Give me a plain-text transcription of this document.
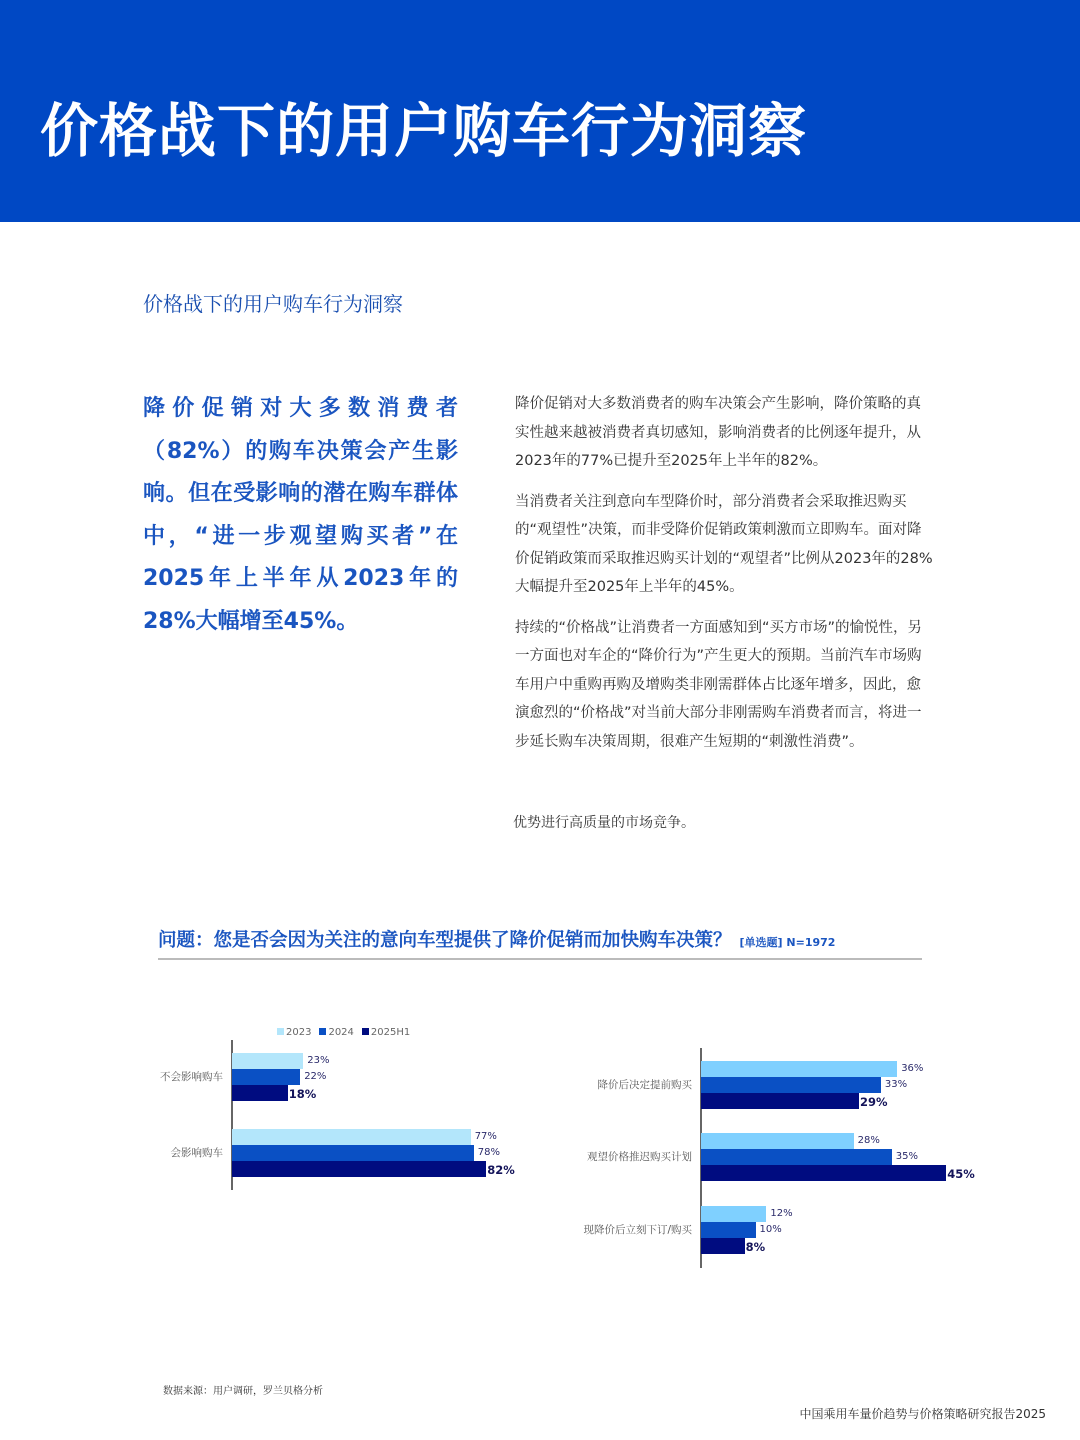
价格战下的用户购车行为洞察
价格战下的用户购车行为洞察
降价促销对大多数消费者（82%）的购车决策会产生影响。但在受影响的潜在购车群体中，“进一步观望购买者”在2025年上半年从2023年的28%大幅增至45%。

降价促销对大多数消费者的购车决策会产生影响，降价策略的真实性越来越被消费者真切感知，影响消费者的比例逐年提升，从2023年的77%已提升至2025年上半年的82%。

当消费者关注到意向车型降价时，部分消费者会采取推迟购买的“观望性”决策，而非受降价促销政策刺激而立即购车。面对降价促销政策而采取推迟购买计划的“观望者”比例从2023年的28%大幅提升至2025年上半年的45%。

持续的“价格战”让消费者一方面感知到“买方市场”的愉悦性，另一方面也对车企的“降价行为”产生更大的预期。当前汽车市场购车用户中重购再购及增购类非刚需群体占比逐年增多，因此，愈演愈烈的“价格战”对当前大部分非刚需购车消费者而言，将进一步延长购车决策周期，很难产生短期的“刺激性消费”。

优势进行高质量的市场竞争。
问题：您是否会因为关注的意向车型提供了降价促销而加快购车决策？ [单选题] N=1972
2023	2024	2025H1
不会影响购车
23%
22%
18%
会影响购车
77%
78%
82%
降价后决定提前购买
36%
33%
29%
观望价格推迟购买计划
28%
35%
45%
现降价后立刻下订/购买
12%
10%
8%
数据来源：用户调研，罗兰贝格分析
中国乘用车量价趋势与价格策略研究报告2025
